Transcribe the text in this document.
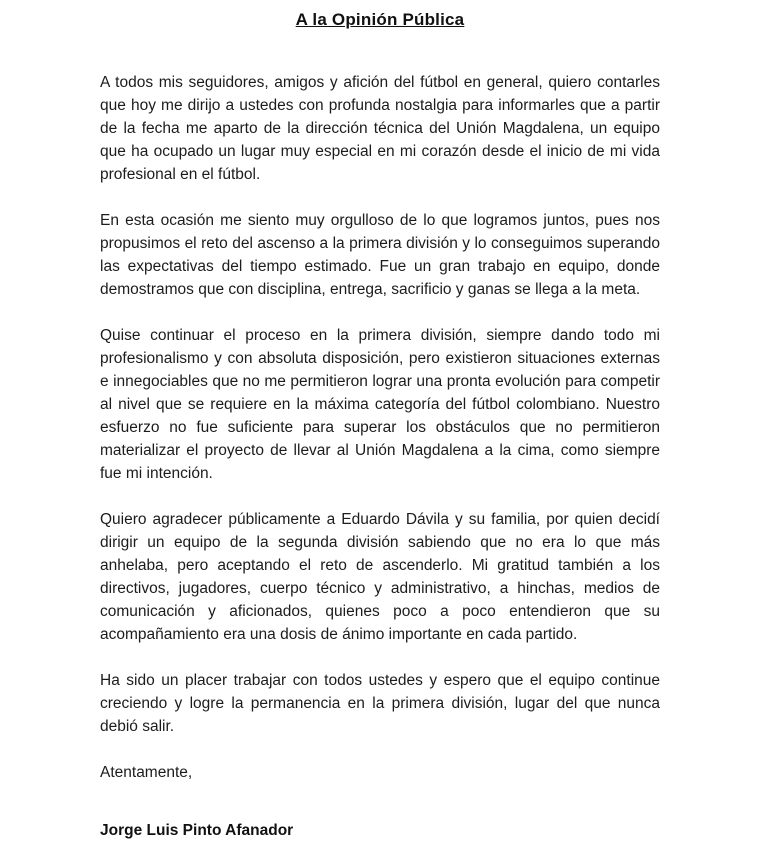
A la Opinión Pública

A todos mis seguidores, amigos y afición del fútbol en general, quiero contarles que hoy me dirijo a ustedes con profunda nostalgia para informarles que a partir de la fecha me aparto de la dirección técnica del Unión Magdalena, un equipo que ha ocupado un lugar muy especial en mi corazón desde el inicio de mi vida profesional en el fútbol.

En esta ocasión me siento muy orgulloso de lo que logramos juntos, pues nos propusimos el reto del ascenso a la primera división y lo conseguimos superando las expectativas del tiempo estimado. Fue un gran trabajo en equipo, donde demostramos que con disciplina, entrega, sacrificio y ganas se llega a la meta.

Quise continuar el proceso en la primera división, siempre dando todo mi profesionalismo y con absoluta disposición, pero existieron situaciones externas e innegociables que no me permitieron lograr una pronta evolución para competir al nivel que se requiere en la máxima categoría del fútbol colombiano. Nuestro esfuerzo no fue suficiente para superar los obstáculos que no permitieron materializar el proyecto de llevar al Unión Magdalena a la cima, como siempre fue mi intención.

Quiero agradecer públicamente a Eduardo Dávila y su familia, por quien decidí dirigir un equipo de la segunda división sabiendo que no era lo que más anhelaba, pero aceptando el reto de ascenderlo. Mi gratitud también a los directivos, jugadores, cuerpo técnico y administrativo, a hinchas, medios de comunicación y aficionados, quienes poco a poco entendieron que su acompañamiento era una dosis de ánimo importante en cada partido.

Ha sido un placer trabajar con todos ustedes y espero que el equipo continue creciendo y logre la permanencia en la primera división, lugar del que nunca debió salir.

Atentamente,

Jorge Luis Pinto Afanador
